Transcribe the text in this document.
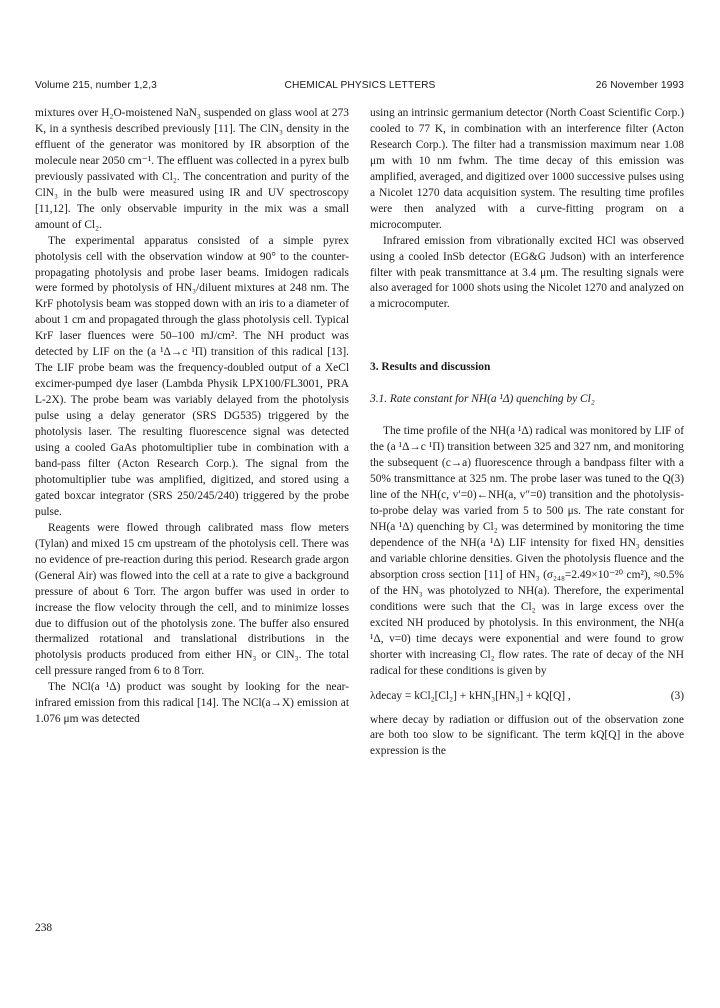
Volume 215, number 1,2,3	CHEMICAL PHYSICS LETTERS	26 November 1993

mixtures over H₂O-moistened NaN₃ suspended on glass wool at 273 K, in a synthesis described previously [11]. The ClN₃ density in the effluent of the generator was monitored by IR absorption of the molecule near 2050 cm⁻¹. The effluent was collected in a pyrex bulb previously passivated with Cl₂. The concentration and purity of the ClN₃ in the bulb were measured using IR and UV spectroscopy [11,12]. The only observable impurity in the mix was a small amount of Cl₂.

The experimental apparatus consisted of a simple pyrex photolysis cell with the observation window at 90° to the counter-propagating photolysis and probe laser beams. Imidogen radicals were formed by photolysis of HN₃/diluent mixtures at 248 nm. The KrF photolysis beam was stopped down with an iris to a diameter of about 1 cm and propagated through the glass photolysis cell. Typical KrF laser fluences were 50–100 mJ/cm². The NH product was detected by LIF on the (a ¹Δ→c ¹Π) transition of this radical [13]. The LIF probe beam was the frequency-doubled output of a XeCl excimer-pumped dye laser (Lambda Physik LPX100/FL3001, PRA L-2X). The probe beam was variably delayed from the photolysis pulse using a delay generator (SRS DG535) triggered by the photolysis laser. The resulting fluorescence signal was detected using a cooled GaAs photomultiplier tube in combination with a band-pass filter (Acton Research Corp.). The signal from the photomultiplier tube was amplified, digitized, and stored using a gated boxcar integrator (SRS 250/245/240) triggered by the probe pulse.

Reagents were flowed through calibrated mass flow meters (Tylan) and mixed 15 cm upstream of the photolysis cell. There was no evidence of pre-reaction during this period. Research grade argon (General Air) was flowed into the cell at a rate to give a background pressure of about 6 Torr. The argon buffer was used in order to increase the flow velocity through the cell, and to minimize losses due to diffusion out of the photolysis zone. The buffer also ensured thermalized rotational and translational distributions in the photolysis products produced from either HN₃ or ClN₃. The total cell pressure ranged from 6 to 8 Torr.

The NCl(a ¹Δ) product was sought by looking for the near-infrared emission from this radical [14]. The NCl(a→X) emission at 1.076 μm was detected

using an intrinsic germanium detector (North Coast Scientific Corp.) cooled to 77 K, in combination with an interference filter (Acton Research Corp.). The filter had a transmission maximum near 1.08 μm with 10 nm fwhm. The time decay of this emission was amplified, averaged, and digitized over 1000 successive pulses using a Nicolet 1270 data acquisition system. The resulting time profiles were then analyzed with a curve-fitting program on a microcomputer.

Infrared emission from vibrationally excited HCl was observed using a cooled InSb detector (EG&G Judson) with an interference filter with peak transmittance at 3.4 μm. The resulting signals were also averaged for 1000 shots using the Nicolet 1270 and analyzed on a microcomputer.

3. Results and discussion
3.1. Rate constant for NH(a ¹Δ) quenching by Cl₂

The time profile of the NH(a ¹Δ) radical was monitored by LIF of the (a ¹Δ→c ¹Π) transition between 325 and 327 nm, and monitoring the subsequent (c→a) fluorescence through a bandpass filter with a 50% transmittance at 325 nm. The probe laser was tuned to the Q(3) line of the NH(c, v′=0)←NH(a, v″=0) transition and the photolysis-to-probe delay was varied from 5 to 500 μs. The rate constant for NH(a ¹Δ) quenching by Cl₂ was determined by monitoring the time dependence of the NH(a ¹Δ) LIF intensity for fixed HN₃ densities and variable chlorine densities. Given the photolysis fluence and the absorption cross section [11] of HN₃ (σ₂₄₈=2.49×10⁻²⁰ cm²), ≈0.5% of the HN₃ was photolyzed to NH(a). Therefore, the experimental conditions were such that the Cl₂ was in large excess over the excited NH produced by photolysis. In this environment, the NH(a ¹Δ, v=0) time decays were exponential and were found to grow shorter with increasing Cl₂ flow rates. The rate of decay of the NH radical for these conditions is given by

λdecay = kCl₂[Cl₂] + kHN₃[HN₃] + kQ[Q] ,	(3)

where decay by radiation or diffusion out of the observation zone are both too slow to be significant. The term kQ[Q] in the above expression is the

238
